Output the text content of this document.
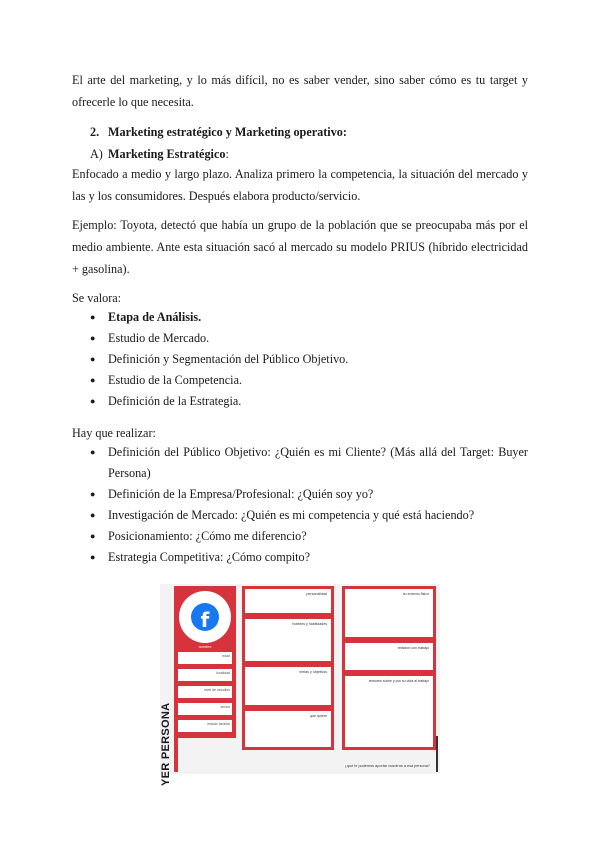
El arte del marketing, y lo más difícil, no es saber vender, sino saber cómo es tu target y ofrecerle lo que necesita.

2. Marketing estratégico y Marketing operativo:
A) Marketing Estratégico:

Enfocado a medio y largo plazo. Analiza primero la competencia, la situación del mercado y las y los consumidores. Después elabora producto/servicio.

Ejemplo: Toyota, detectó que había un grupo de la población que se preocupaba más por el medio ambiente. Ante esta situación sacó al mercado su modelo PRIUS (híbrido electricidad + gasolina).

Se valora:

● Etapa de Análisis.
● Estudio de Mercado.
● Definición y Segmentación del Público Objetivo.
● Estudio de la Competencia.
● Definición de la Estrategia.

Hay que realizar:

● Definición del Público Objetivo: ¿Quién es mi Cliente? (Más allá del Target: Buyer Persona)
● Definición de la Empresa/Profesional: ¿Quién soy yo?
● Investigación de Mercado: ¿Quién es mi competencia y qué está haciendo?
● Posicionamiento: ¿Cómo me diferencio?
● Estrategia Competitiva: ¿Cómo compito?
f
nombre
edad
localidad
nivel de estudios
sector
estado familiar
YER PERSONA
personalidad
hobbies y habilidades
metas y objetivos
qué quiere
su entorno fisico
relacion con trabajo
temores sobre y por su vida al trabajo
¿qué le podemos aportar nosotros a esa persona?
